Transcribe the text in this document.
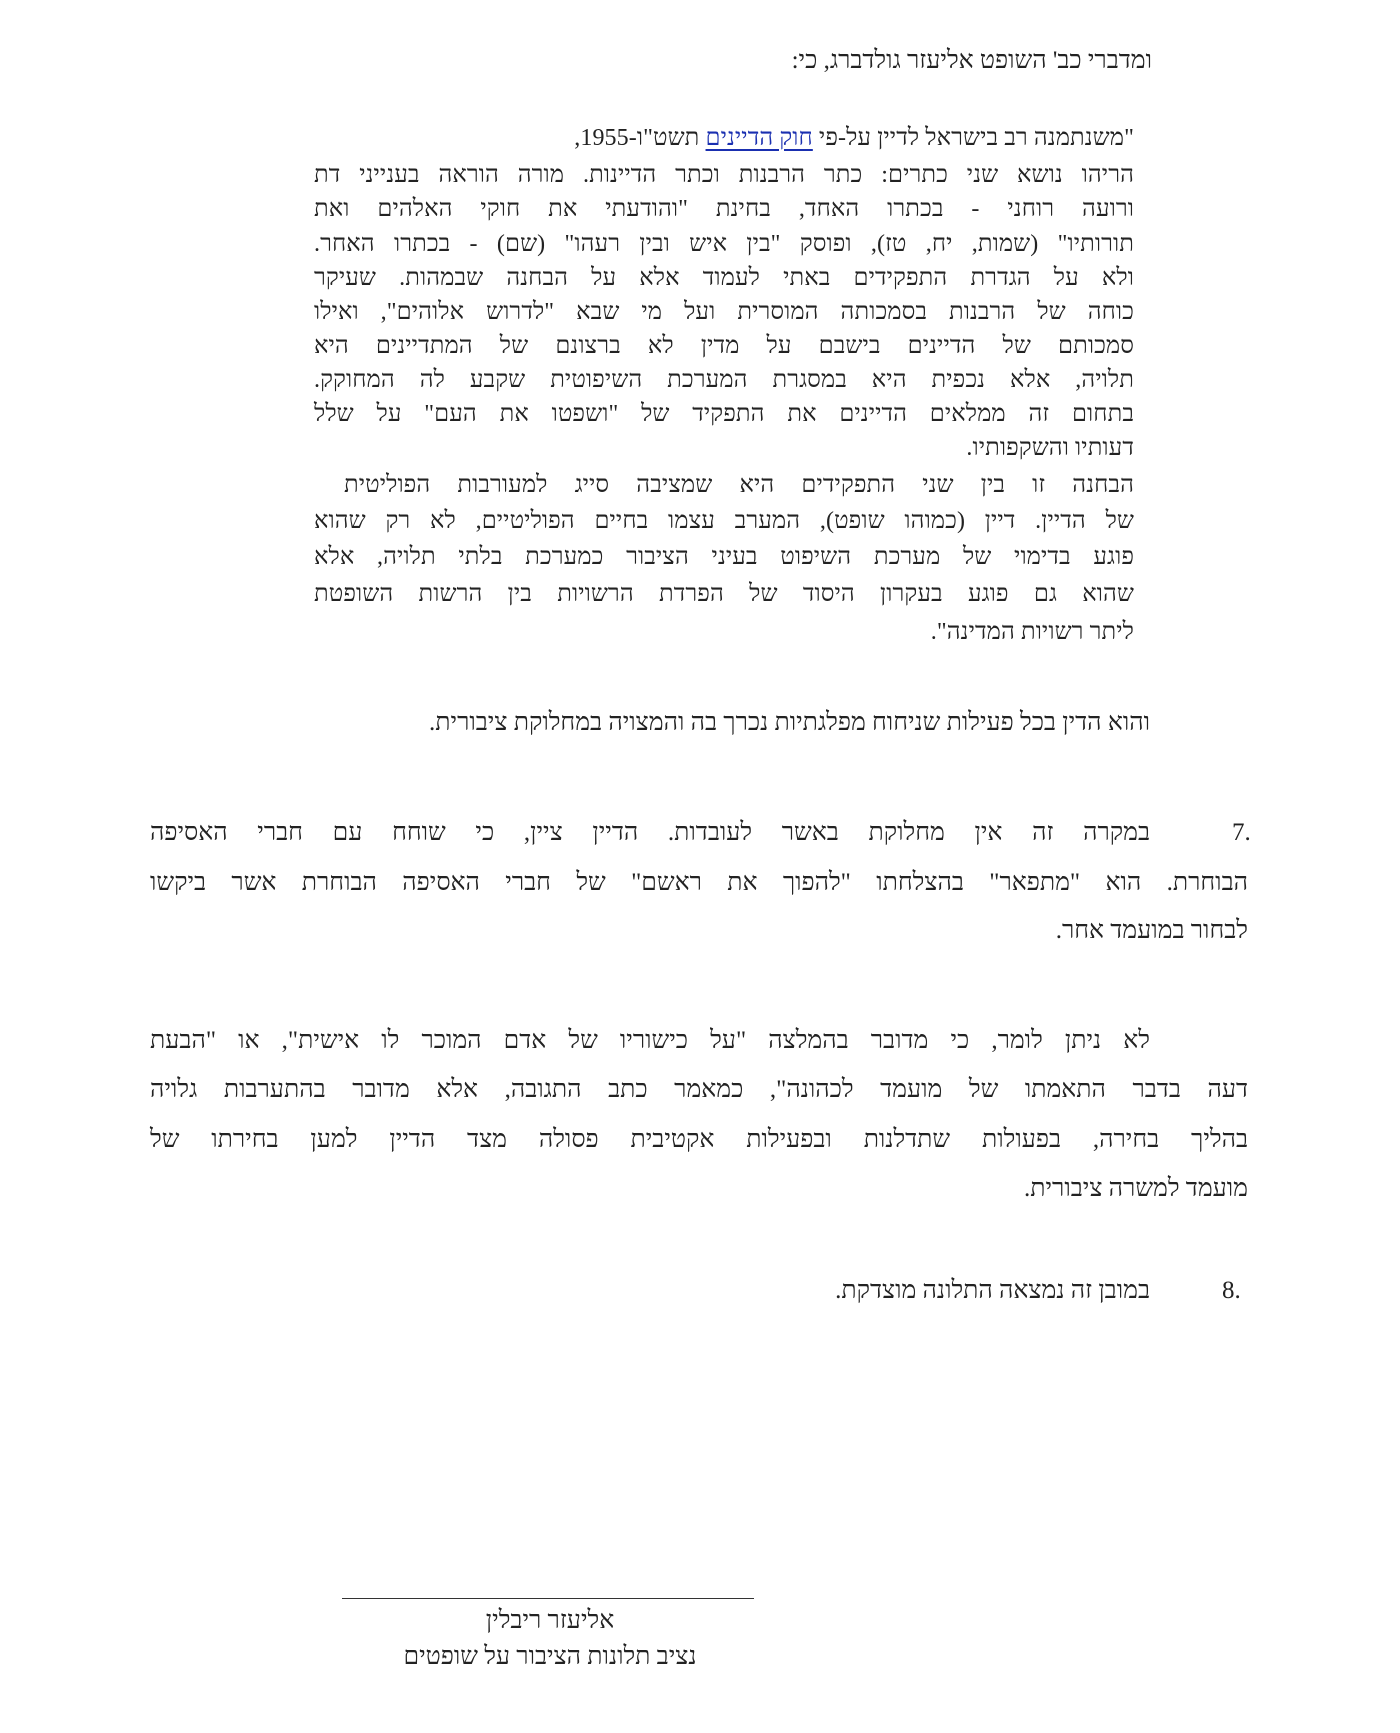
ומדברי כב' השופט אליעזר גולדברג, כי:
"משנתמנה רב בישראל לדיין על-פי חוק הדיינים תשט"ו-1955,
הריהו נושא שני כתרים: כתר הרבנות וכתר הדיינות. מורה הוראה בענייני דת
ורועה רוחני - בכתרו האחד, בחינת "והודעתי את חוקי האלהים ואת
תורותיו" (שמות, יח, טז), ופוסק "בין איש ובין רעהו" (שם) - בכתרו האחר.
ולא על הגדרת התפקידים באתי לעמוד אלא על הבחנה שבמהות. שעיקר
כוחה של הרבנות בסמכותה המוסרית ועל מי שבא "לדרוש אלוהים", ואילו
סמכותם של הדיינים בישבם על מדין לא ברצונם של המתדיינים היא
תלויה, אלא נכפית היא במסגרת המערכת השיפוטית שקבע לה המחוקק.
בתחום זה ממלאים הדיינים את התפקיד של "ושפטו את העם" על שלל
דעותיו והשקפותיו.
הבחנה זו בין שני התפקידים היא שמציבה סייג למעורבות הפוליטית
של הדיין. דיין (כמוהו שופט), המערב עצמו בחיים הפוליטיים, לא רק שהוא
פוגע בדימוי של מערכת השיפוט בעיני הציבור כמערכת בלתי תלויה, אלא
שהוא גם פוגע בעקרון היסוד של הפרדת הרשויות בין הרשות השופטת
ליתר רשויות המדינה".
והוא הדין בכל פעילות שניחוח מפלגתיות נכרך בה והמצויה במחלוקת ציבורית.
7.
במקרה זה אין מחלוקת באשר לעובדות. הדיין ציין, כי שוחח עם חברי האסיפה
הבוחרת. הוא "מתפאר" בהצלחתו "להפוך את ראשם" של חברי האסיפה הבוחרת אשר ביקשו
לבחור במועמד אחר.
לא ניתן לומר, כי מדובר בהמלצה "על כישוריו של אדם המוכר לו אישית", או "הבעת
דעה בדבר התאמתו של מועמד לכהונה", כמאמר כתב התגובה, אלא מדובר בהתערבות גלויה
בהליך בחירה, בפעולות שתדלנות ובפעילות אקטיבית פסולה מצד הדיין למען בחירתו של
מועמד למשרה ציבורית.
8.
במובן זה נמצאה התלונה מוצדקת.
אליעזר ריבלין
נציב תלונות הציבור על שופטים
